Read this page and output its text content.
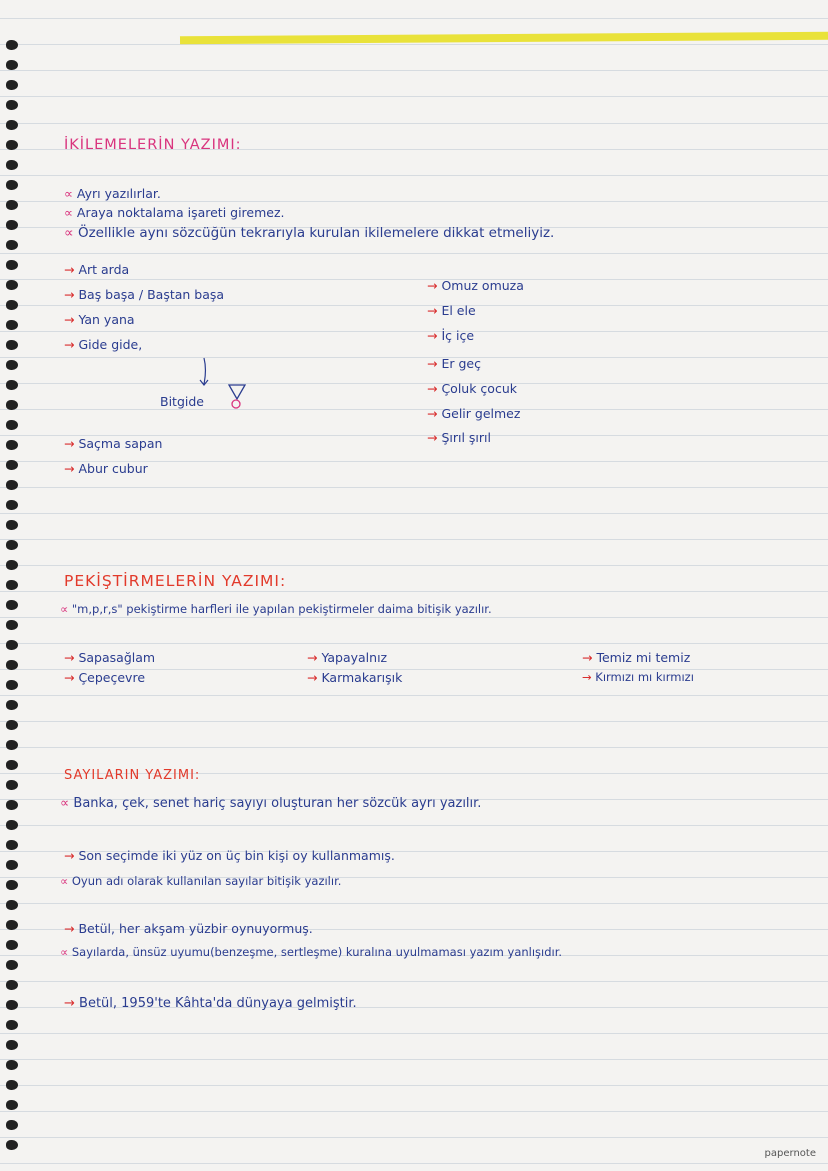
İKİLEMELERİN YAZIMI:
∝ Ayrı yazılırlar.
∝ Araya noktalama işareti giremez.
∝ Özellikle aynı sözcüğün tekrarıyla kurulan ikilemelere dikkat etmeliyiz.
→ Art arda
→ Baş başa / Baştan başa
→ Yan yana
→ Gide gide,
Bitgide
→ Omuz omuza
→ El ele
→ İç içe
→ Er geç
→ Çoluk çocuk
→ Gelir gelmez
→ Şırıl şırıl
→ Saçma sapan
→ Abur cubur
PEKİŞTİRMELERİN YAZIMI:
∝ "m,p,r,s" pekiştirme harfleri ile yapılan pekiştirmeler daima bitişik yazılır.
→ Sapasağlam	→ Yapayalnız	→ Temiz mi temiz
→ Çepeçevre	→ Karmakarışık	→ Kırmızı mı kırmızı
SAYILARIN YAZIMI:
∝ Banka, çek, senet hariç sayıyı oluşturan her sözcük ayrı yazılır.
→ Son seçimde iki yüz on üç bin kişi oy kullanmamış.
∝ Oyun adı olarak kullanılan sayılar bitişik yazılır.
→ Betül, her akşam yüzbir oynuyormuş.
∝ Sayılarda, ünsüz uyumu(benzeşme, sertleşme) kuralına uyulmaması yazım yanlışıdır.
→ Betül, 1959'te Kâhta'da dünyaya gelmiştir.
papernote
